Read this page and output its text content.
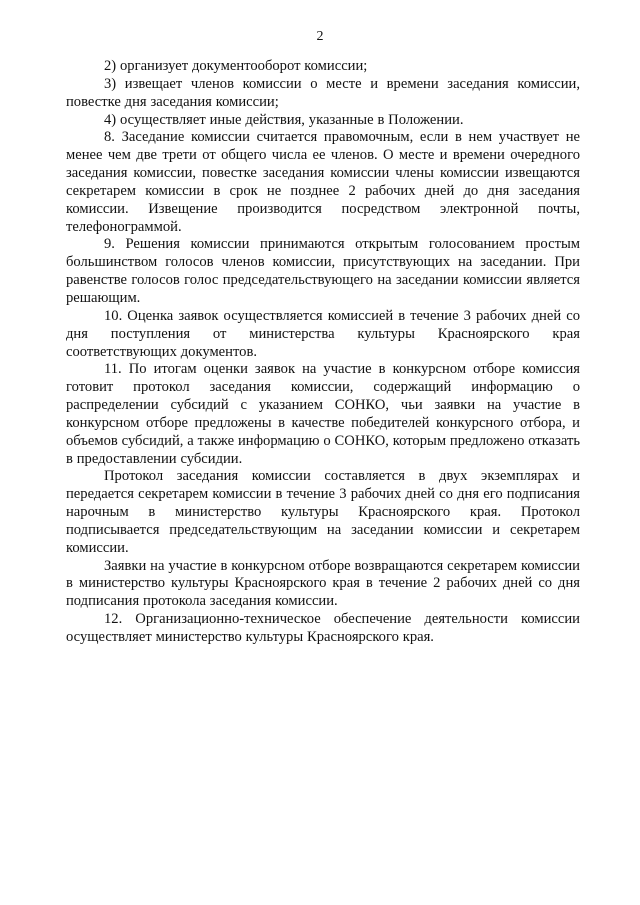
2

2) организует документооборот комиссии;

3) извещает членов комиссии о месте и времени заседания комиссии, повестке дня заседания комиссии;

4) осуществляет иные действия, указанные в Положении.

8. Заседание комиссии считается правомочным, если в нем участвует не менее чем две трети от общего числа ее членов. О месте и времени очередного заседания комиссии, повестке заседания комиссии члены комиссии извещаются секретарем комиссии в срок не позднее 2 рабочих дней до дня заседания комиссии. Извещение производится посредством электронной почты, телефонограммой.

9. Решения комиссии принимаются открытым голосованием простым большинством голосов членов комиссии, присутствующих на заседании. При равенстве голосов голос председательствующего на заседании комиссии является решающим.

10. Оценка заявок осуществляется комиссией в течение 3 рабочих дней со дня поступления от министерства культуры Красноярского края соответствующих документов.

11. По итогам оценки заявок на участие в конкурсном отборе комиссия готовит протокол заседания комиссии, содержащий информацию о распределении субсидий с указанием СОНКО, чьи заявки на участие в конкурсном отборе предложены в качестве победителей конкурсного отбора, и объемов субсидий, а также информацию о СОНКО, которым предложено отказать в предоставлении субсидии.

Протокол заседания комиссии составляется в двух экземплярах и передается секретарем комиссии в течение 3 рабочих дней со дня его подписания нарочным в министерство культуры Красноярского края. Протокол подписывается председательствующим на заседании комиссии и секретарем комиссии.

Заявки на участие в конкурсном отборе возвращаются секретарем комиссии в министерство культуры Красноярского края в течение 2 рабочих дней со дня подписания протокола заседания комиссии.

12. Организационно-техническое обеспечение деятельности комиссии осуществляет министерство культуры Красноярского края.
